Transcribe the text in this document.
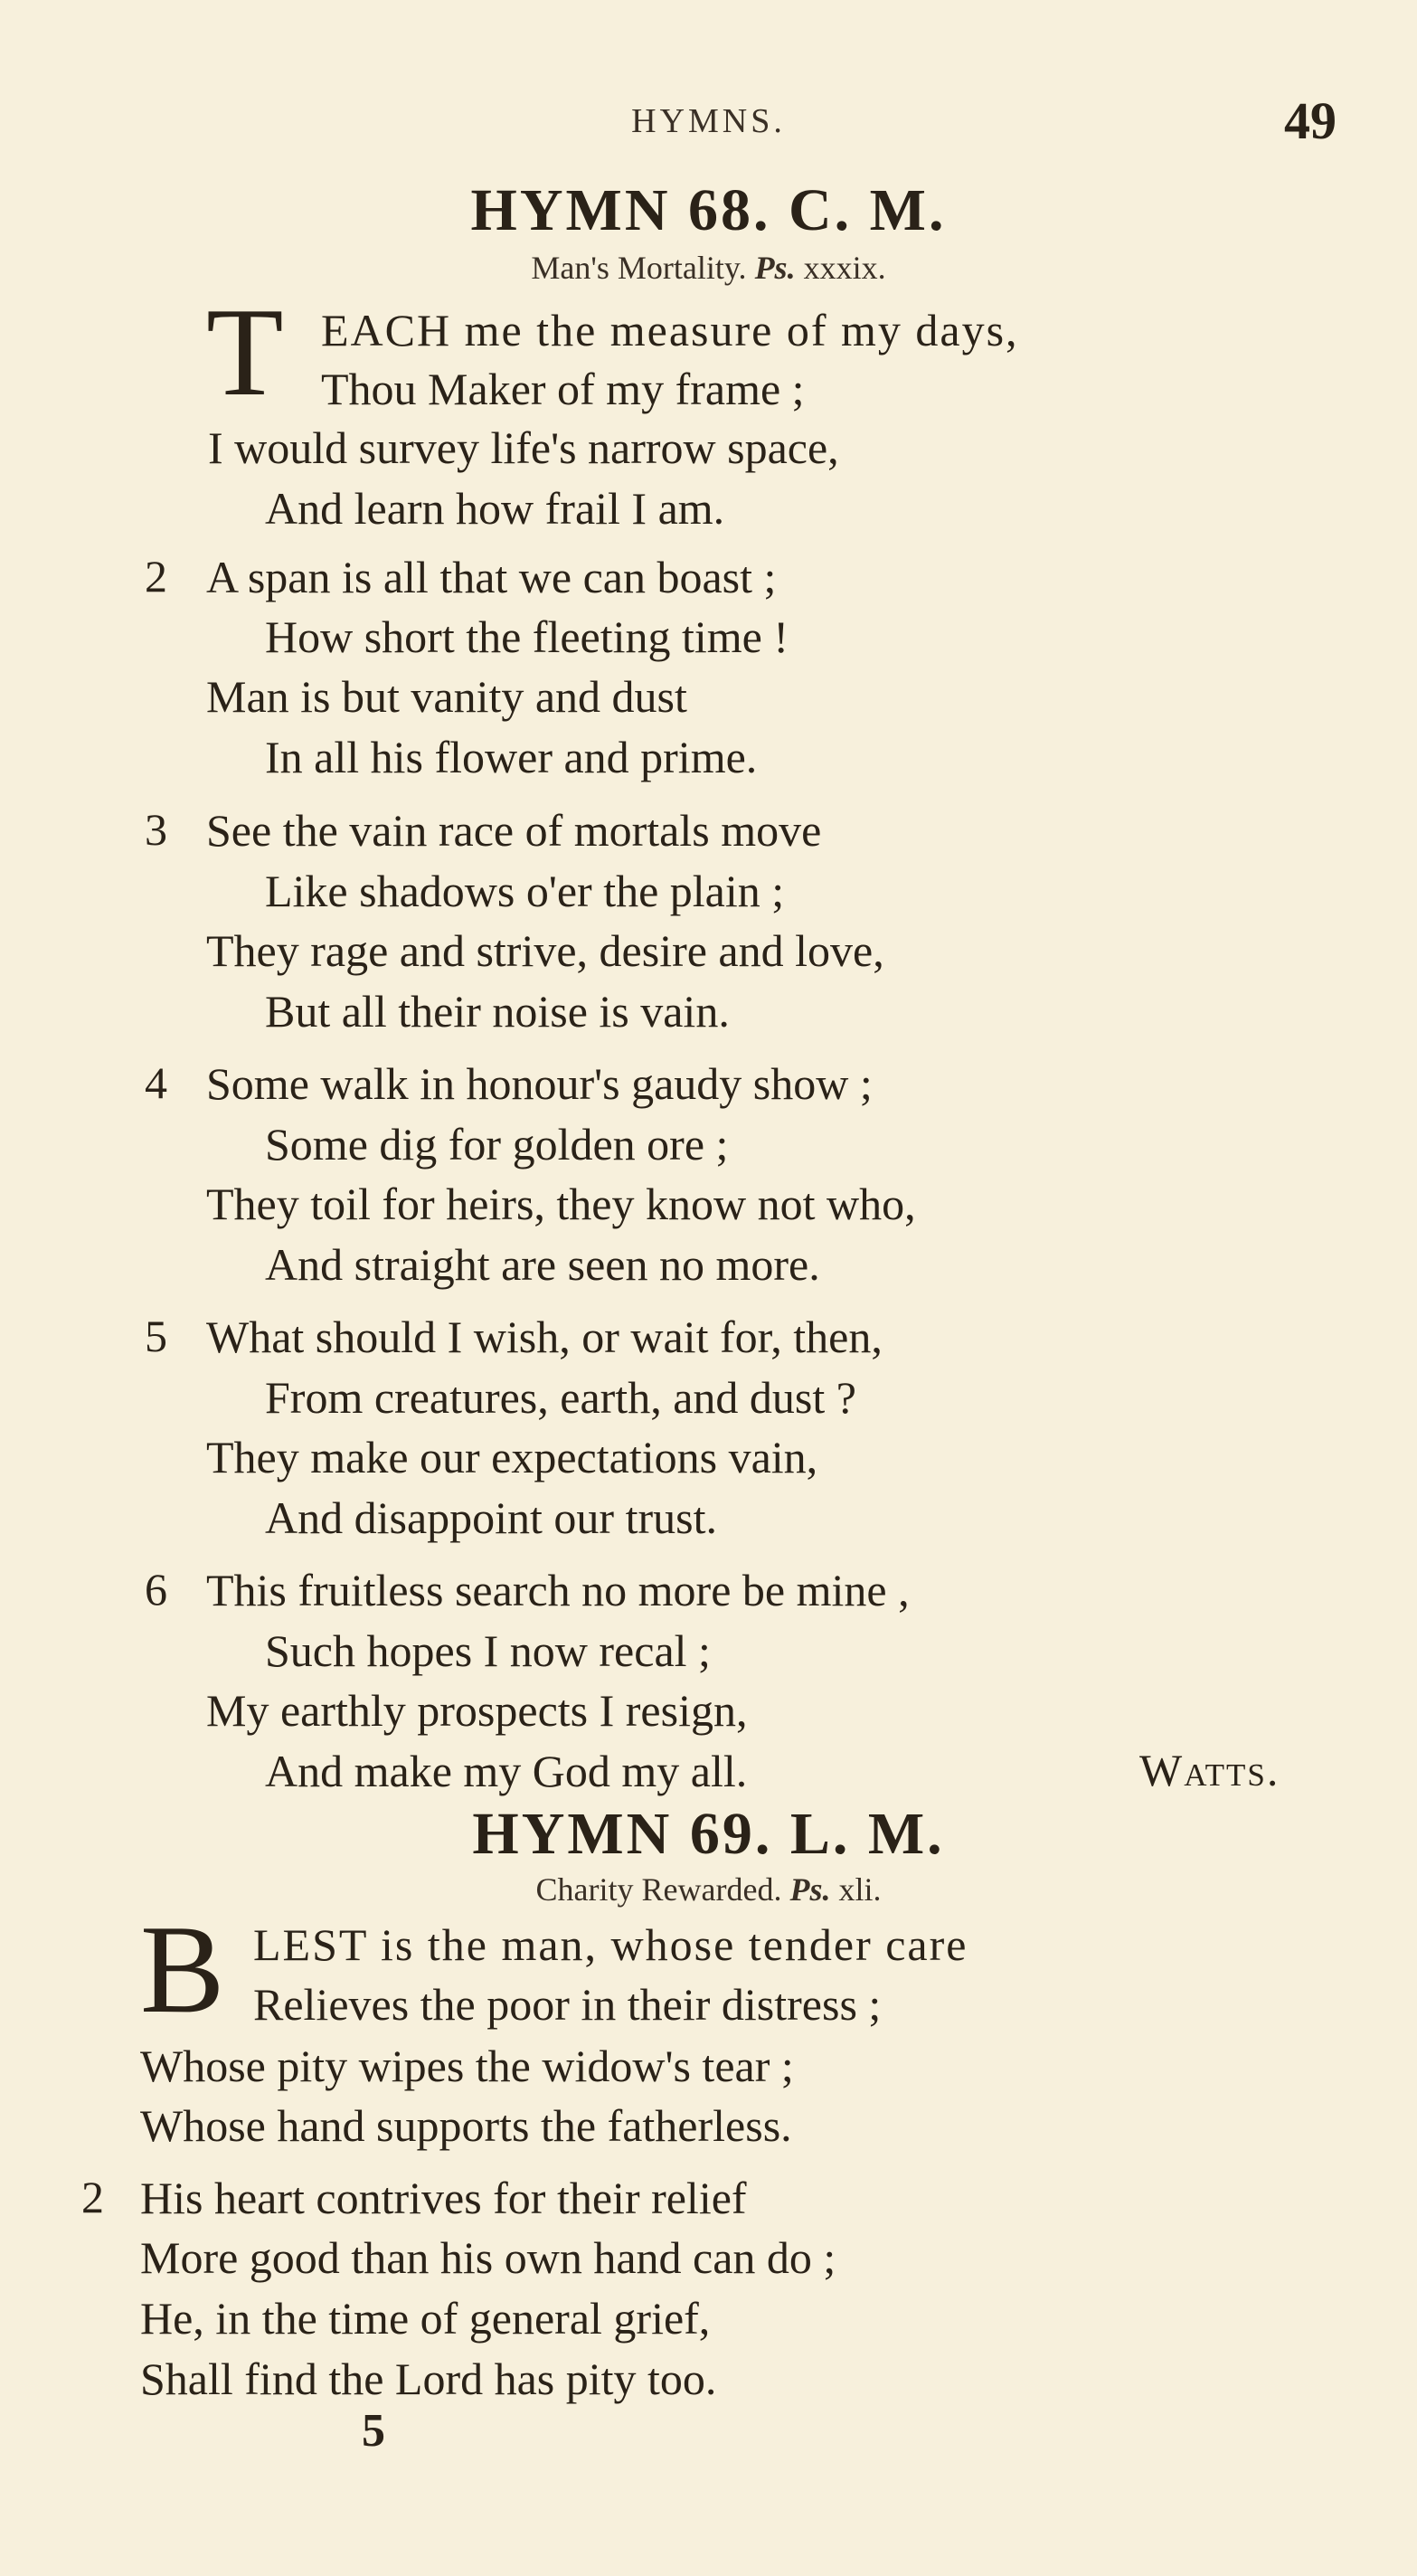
HYMNS.	49
HYMN 68. C. M.
Man's Mortality. Ps. xxxix.
T EACH me the measure of my days,
Thou Maker of my frame ;
I would survey life's narrow space,
And learn how frail I am.
2 A span is all that we can boast ;
How short the fleeting time !
Man is but vanity and dust
In all his flower and prime.
3 See the vain race of mortals move
Like shadows o'er the plain ;
They rage and strive, desire and love,
But all their noise is vain.
4 Some walk in honour's gaudy show ;
Some dig for golden ore ;
They toil for heirs, they know not who,
And straight are seen no more.
5 What should I wish, or wait for, then,
From creatures, earth, and dust ?
They make our expectations vain,
And disappoint our trust.
6 This fruitless search no more be mine ,
Such hopes I now recal ;
My earthly prospects I resign,
And make my God my all.	Watts.
HYMN 69. L. M.
Charity Rewarded. Ps. xli.
B LEST is the man, whose tender care
Relieves the poor in their distress ;
Whose pity wipes the widow's tear ;
Whose hand supports the fatherless.
2 His heart contrives for their relief
More good than his own hand can do ;
He, in the time of general grief,
Shall find the Lord has pity too.
5
